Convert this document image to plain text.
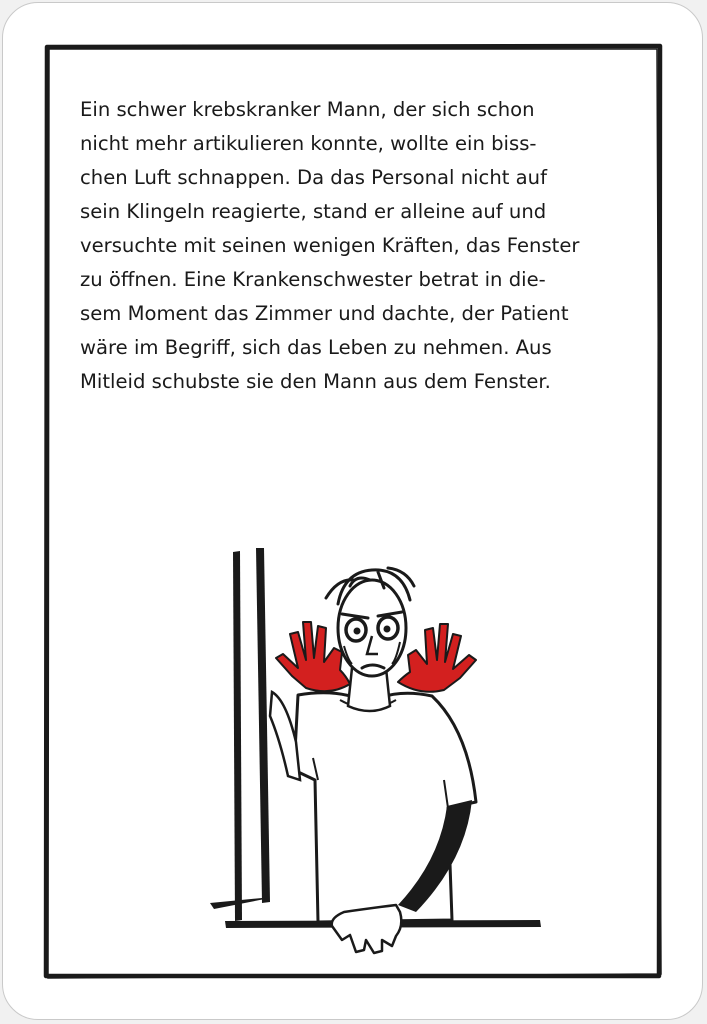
Ein schwer krebskranker Mann, der sich schon
nicht mehr artikulieren konnte, wollte ein biss-
chen Luft schnappen. Da das Personal nicht auf
sein Klingeln reagierte, stand er alleine auf und
versuchte mit seinen wenigen Kräften, das Fenster
zu öffnen. Eine Krankenschwester betrat in die-
sem Moment das Zimmer und dachte, der Patient
wäre im Begriff, sich das Leben zu nehmen. Aus
Mitleid schubste sie den Mann aus dem Fenster.
